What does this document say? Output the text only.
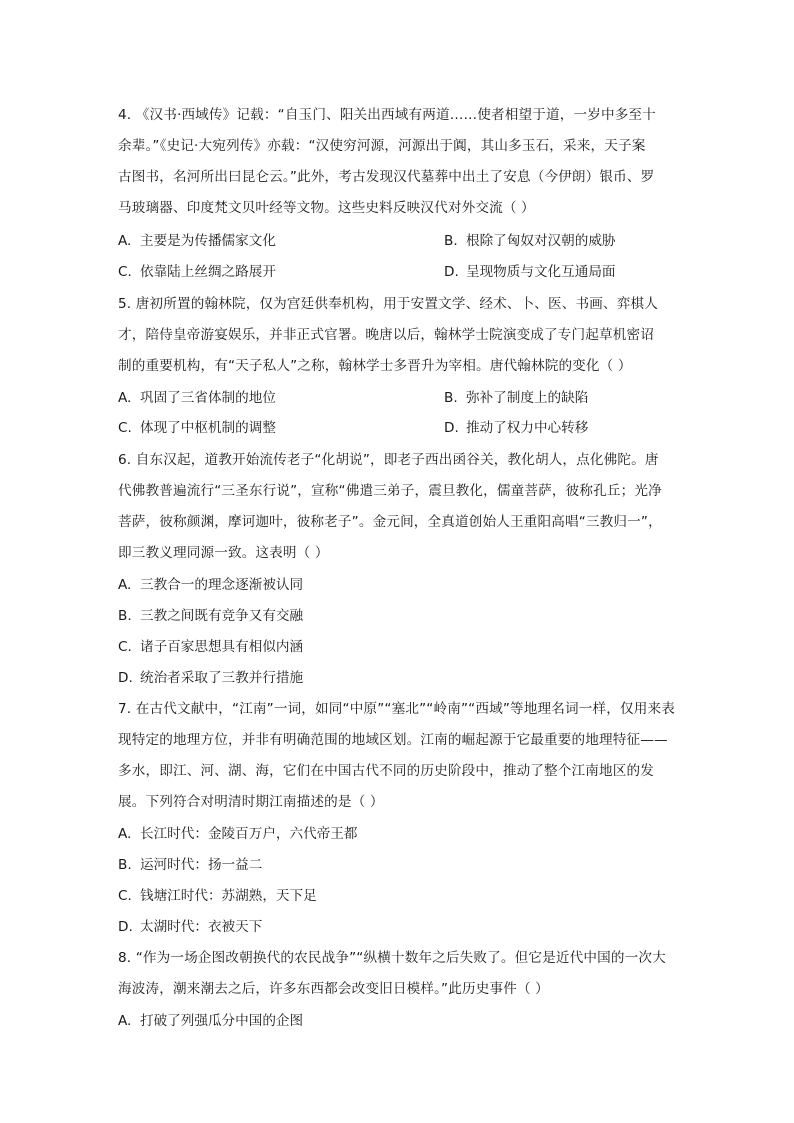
4. 《汉书·西域传》记载：“自玉门、阳关出西域有两道……使者相望于道，一岁中多至十
余辈。”《史记·大宛列传》亦载：“汉使穷河源，河源出于阗，其山多玉石，采来，天子案
古图书，名河所出曰昆仑云。”此外，考古发现汉代墓葬中出土了安息（今伊朗）银币、罗
马玻璃器、印度梵文贝叶经等文物。这些史料反映汉代对外交流（ ）
A. 主要是为传播儒家文化	B. 根除了匈奴对汉朝的威胁
C. 依靠陆上丝绸之路展开	D. 呈现物质与文化互通局面
5. 唐初所置的翰林院，仅为宫廷供奉机构，用于安置文学、经术、卜、医、书画、弈棋人
才，陪侍皇帝游宴娱乐，并非正式官署。晚唐以后，翰林学士院演变成了专门起草机密诏
制的重要机构，有“天子私人”之称，翰林学士多晋升为宰相。唐代翰林院的变化（ ）
A. 巩固了三省体制的地位	B. 弥补了制度上的缺陷
C. 体现了中枢机制的调整	D. 推动了权力中心转移
6. 自东汉起，道教开始流传老子“化胡说”，即老子西出函谷关，教化胡人，点化佛陀。唐
代佛教普遍流行“三圣东行说”，宣称“佛遣三弟子，震旦教化，儒童菩萨，彼称孔丘；光净
菩萨，彼称颜渊，摩诃迦叶，彼称老子”。金元间，全真道创始人王重阳高唱“三教归一”，
即三教义理同源一致。这表明（ ）
A. 三教合一的理念逐渐被认同
B. 三教之间既有竞争又有交融
C. 诸子百家思想具有相似内涵
D. 统治者采取了三教并行措施
7. 在古代文献中，“江南”一词，如同“中原”“塞北”“岭南”“西域”等地理名词一样，仅用来表
现特定的地理方位，并非有明确范围的地域区划。江南的崛起源于它最重要的地理特征——
多水，即江、河、湖、海，它们在中国古代不同的历史阶段中，推动了整个江南地区的发
展。下列符合对明清时期江南描述的是（ ）
A. 长江时代：金陵百万户，六代帝王都
B. 运河时代：扬一益二
C. 钱塘江时代：苏湖熟，天下足
D. 太湖时代：衣被天下
8. “作为一场企图改朝换代的农民战争”“纵横十数年之后失败了。但它是近代中国的一次大
海波涛，潮来潮去之后，许多东西都会改变旧日模样。”此历史事件（ ）
A. 打破了列强瓜分中国的企图
